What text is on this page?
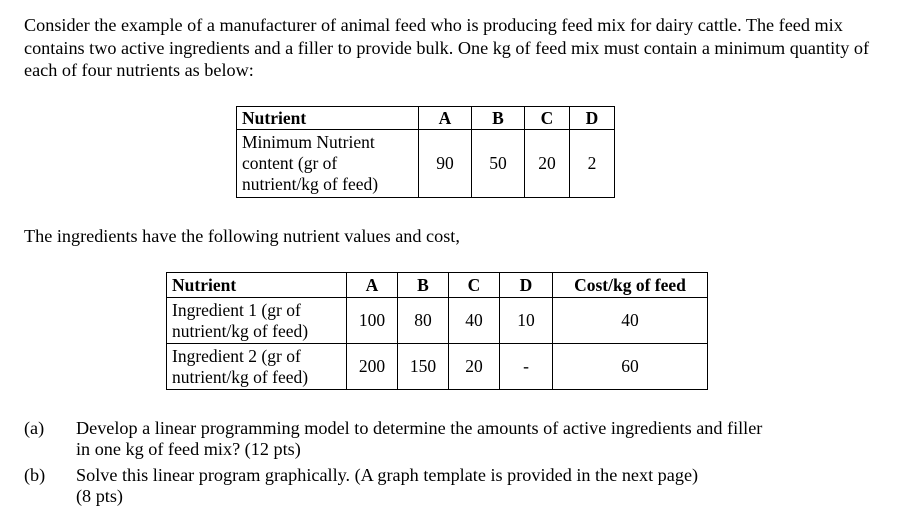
Consider the example of a manufacturer of animal feed who is producing feed mix for dairy cattle. The feed mix contains two active ingredients and a filler to provide bulk. One kg of feed mix must contain a minimum quantity of each of four nutrients as below:

Nutrient	A	B	C	D

Minimum Nutrient
content (gr of
nutrient/kg of feed)	90	50	20	2

The ingredients have the following nutrient values and cost,

Nutrient	A	B	C	D	Cost/kg of feed

Ingredient 1 (gr of
nutrient/kg of feed)	100	80	40	10	40

Ingredient 2 (gr of
nutrient/kg of feed)	200	150	20	-	60
(a) Develop a linear programming model to determine the amounts of active ingredients and filler
in one kg of feed mix? (12 pts)
(b) Solve this linear program graphically. (A graph template is provided in the next page)
(8 pts)
